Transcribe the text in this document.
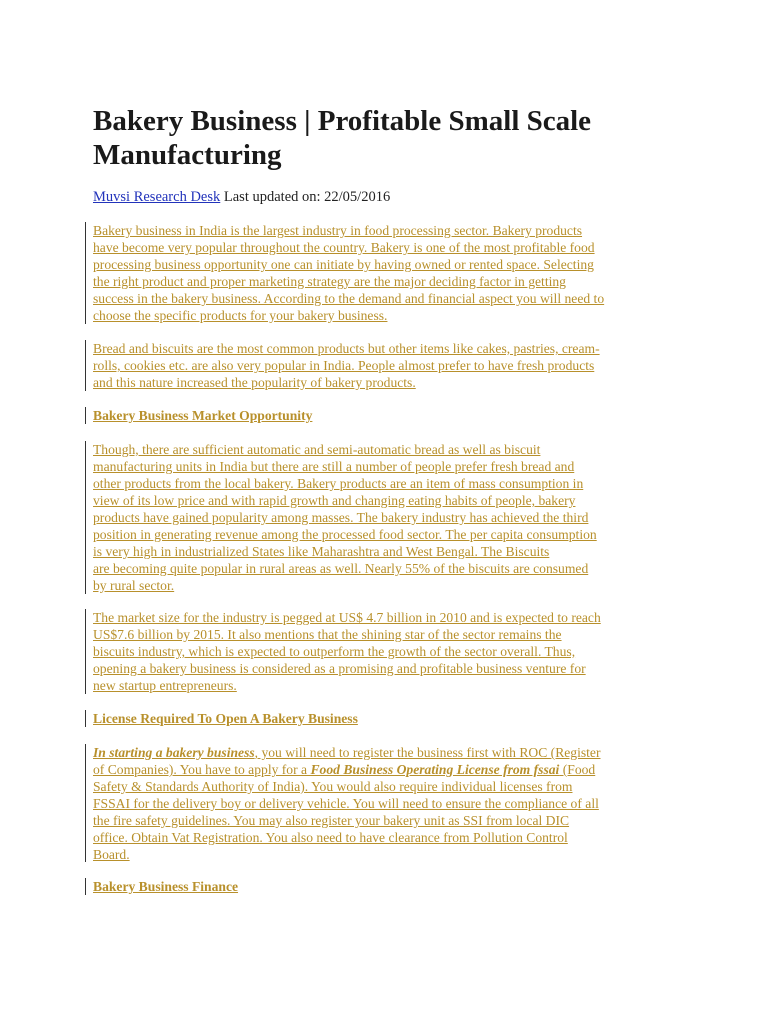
Bakery Business | Profitable Small Scale Manufacturing
Muvsi Research Desk Last updated on: 22/05/2016
Bakery business in India is the largest industry in food processing sector. Bakery products
have become very popular throughout the country. Bakery is one of the most profitable food
processing business opportunity one can initiate by having owned or rented space. Selecting
the right product and proper marketing strategy are the major deciding factor in getting
success in the bakery business. According to the demand and financial aspect you will need to
choose the specific products for your bakery business.
Bread and biscuits are the most common products but other items like cakes, pastries, cream-
rolls, cookies etc. are also very popular in India. People almost prefer to have fresh products
and this nature increased the popularity of bakery products.
Bakery Business Market Opportunity
Though, there are sufficient automatic and semi-automatic bread as well as biscuit
manufacturing units in India but there are still a number of people prefer fresh bread and
other products from the local bakery. Bakery products are an item of mass consumption in
view of its low price and with rapid growth and changing eating habits of people, bakery
products have gained popularity among masses. The bakery industry has achieved the third
position in generating revenue among the processed food sector. The per capita consumption
is very high in industrialized States like Maharashtra and West Bengal. The Biscuits
are becoming quite popular in rural areas as well. Nearly 55% of the biscuits are consumed
by rural sector.
The market size for the industry is pegged at US$ 4.7 billion in 2010 and is expected to reach
US$7.6 billion by 2015. It also mentions that the shining star of the sector remains the
biscuits industry, which is expected to outperform the growth of the sector overall. Thus,
opening a bakery business is considered as a promising and profitable business venture for
new startup entrepreneurs.
License Required To Open A Bakery Business
In starting a bakery business, you will need to register the business first with ROC (Register
of Companies). You have to apply for a Food Business Operating License from fssai (Food
Safety & Standards Authority of India). You would also require individual licenses from
FSSAI for the delivery boy or delivery vehicle. You will need to ensure the compliance of all
the fire safety guidelines. You may also register your bakery unit as SSI from local DIC
office. Obtain Vat Registration. You also need to have clearance from Pollution Control
Board.
Bakery Business Finance
